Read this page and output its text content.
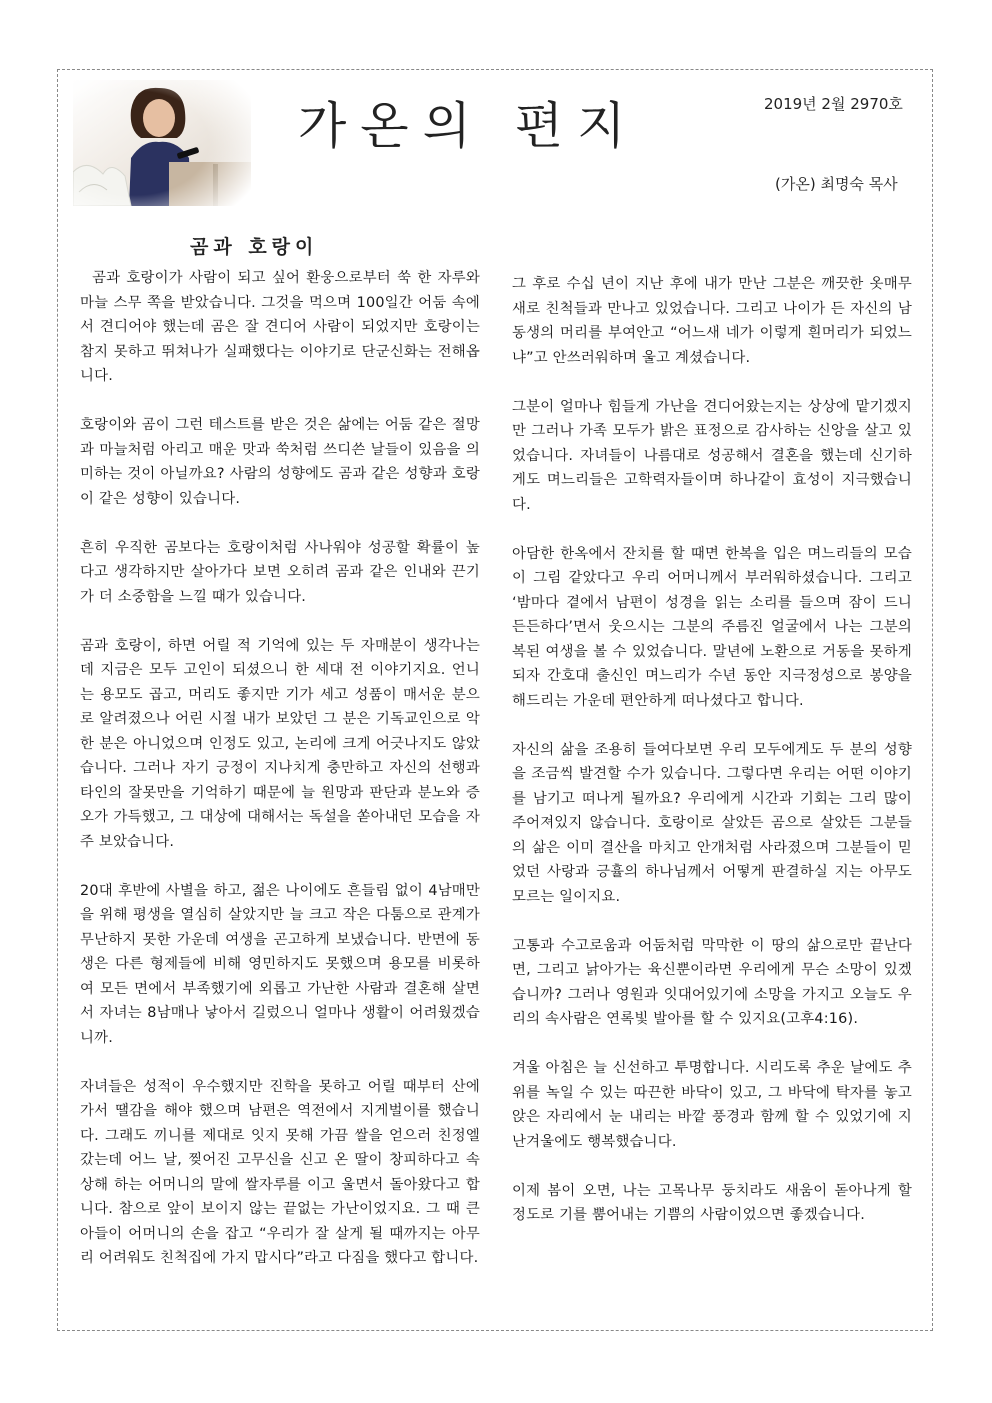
가온의 편지	2019년 2월 2970호
(가온) 최명숙 목사
곰과 호랑이

곰과 호랑이가 사람이 되고 싶어 환웅으로부터 쑥 한 자루와 마늘 스무 쪽을 받았습니다. 그것을 먹으며 100일간 어둠 속에서 견디어야 했는데 곰은 잘 견디어 사람이 되었지만 호랑이는 참지 못하고 뛰쳐나가 실패했다는 이야기로 단군신화는 전해옵니다.

호랑이와 곰이 그런 테스트를 받은 것은 삶에는 어둠 같은 절망과 마늘처럼 아리고 매운 맛과 쑥처럼 쓰디쓴 날들이 있음을 의미하는 것이 아닐까요? 사람의 성향에도 곰과 같은 성향과 호랑이 같은 성향이 있습니다.

흔히 우직한 곰보다는 호랑이처럼 사나워야 성공할 확률이 높다고 생각하지만 살아가다 보면 오히려 곰과 같은 인내와 끈기가 더 소중함을 느낄 때가 있습니다.

곰과 호랑이, 하면 어릴 적 기억에 있는 두 자매분이 생각나는데 지금은 모두 고인이 되셨으니 한 세대 전 이야기지요. 언니는 용모도 곱고, 머리도 좋지만 기가 세고 성품이 매서운 분으로 알려졌으나 어린 시절 내가 보았던 그 분은 기독교인으로 악한 분은 아니었으며 인정도 있고, 논리에 크게 어긋나지도 않았습니다. 그러나 자기 긍정이 지나치게 충만하고 자신의 선행과 타인의 잘못만을 기억하기 때문에 늘 원망과 판단과 분노와 증오가 가득했고, 그 대상에 대해서는 독설을 쏟아내던 모습을 자주 보았습니다.

20대 후반에 사별을 하고, 젊은 나이에도 흔들림 없이 4남매만을 위해 평생을 열심히 살았지만 늘 크고 작은 다툼으로 관계가 무난하지 못한 가운데 여생을 곤고하게 보냈습니다. 반면에 동생은 다른 형제들에 비해 영민하지도 못했으며 용모를 비롯하여 모든 면에서 부족했기에 외롭고 가난한 사람과 결혼해 살면서 자녀는 8남매나 낳아서 길렀으니 얼마나 생활이 어려웠겠습니까.

자녀들은 성적이 우수했지만 진학을 못하고 어릴 때부터 산에 가서 땔감을 해야 했으며 남편은 역전에서 지게벌이를 했습니다. 그래도 끼니를 제대로 잇지 못해 가끔 쌀을 얻으러 친정엘 갔는데 어느 날, 찢어진 고무신을 신고 온 딸이 창피하다고 속상해 하는 어머니의 말에 쌀자루를 이고 울면서 돌아왔다고 합니다. 참으로 앞이 보이지 않는 끝없는 가난이었지요. 그 때 큰 아들이 어머니의 손을 잡고 “우리가 잘 살게 될 때까지는 아무리 어려워도 친척집에 가지 맙시다”라고 다짐을 했다고 합니다.

그 후로 수십 년이 지난 후에 내가 만난 그분은 깨끗한 옷매무새로 친척들과 만나고 있었습니다. 그리고 나이가 든 자신의 남동생의 머리를 부여안고 “어느새 네가 이렇게 흰머리가 되었느냐”고 안쓰러워하며 울고 계셨습니다.

그분이 얼마나 힘들게 가난을 견디어왔는지는 상상에 맡기겠지만 그러나 가족 모두가 밝은 표정으로 감사하는 신앙을 살고 있었습니다. 자녀들이 나름대로 성공해서 결혼을 했는데 신기하게도 며느리들은 고학력자들이며 하나같이 효성이 지극했습니다.

아담한 한옥에서 잔치를 할 때면 한복을 입은 며느리들의 모습이 그림 같았다고 우리 어머니께서 부러워하셨습니다. 그리고 ‘밤마다 곁에서 남편이 성경을 읽는 소리를 들으며 잠이 드니 든든하다’면서 웃으시는 그분의 주름진 얼굴에서 나는 그분의 복된 여생을 볼 수 있었습니다. 말년에 노환으로 거동을 못하게 되자 간호대 출신인 며느리가 수년 동안 지극정성으로 봉양을 해드리는 가운데 편안하게 떠나셨다고 합니다.

자신의 삶을 조용히 들여다보면 우리 모두에게도 두 분의 성향을 조금씩 발견할 수가 있습니다. 그렇다면 우리는 어떤 이야기를 남기고 떠나게 될까요? 우리에게 시간과 기회는 그리 많이 주어져있지 않습니다. 호랑이로 살았든 곰으로 살았든 그분들의 삶은 이미 결산을 마치고 안개처럼 사라졌으며 그분들이 믿었던 사랑과 긍휼의 하나님께서 어떻게 판결하실 지는 아무도 모르는 일이지요.

고통과 수고로움과 어둠처럼 막막한 이 땅의 삶으로만 끝난다면, 그리고 낡아가는 육신뿐이라면 우리에게 무슨 소망이 있겠습니까? 그러나 영원과 잇대어있기에 소망을 가지고 오늘도 우리의 속사람은 연록빛 발아를 할 수 있지요(고후4:16).

겨울 아침은 늘 신선하고 투명합니다. 시리도록 추운 날에도 추위를 녹일 수 있는 따끈한 바닥이 있고, 그 바닥에 탁자를 놓고 앉은 자리에서 눈 내리는 바깥 풍경과 함께 할 수 있었기에 지난겨울에도 행복했습니다.

이제 봄이 오면, 나는 고목나무 둥치라도 새움이 돋아나게 할 정도로 기를 뿜어내는 기쁨의 사람이었으면 좋겠습니다.
